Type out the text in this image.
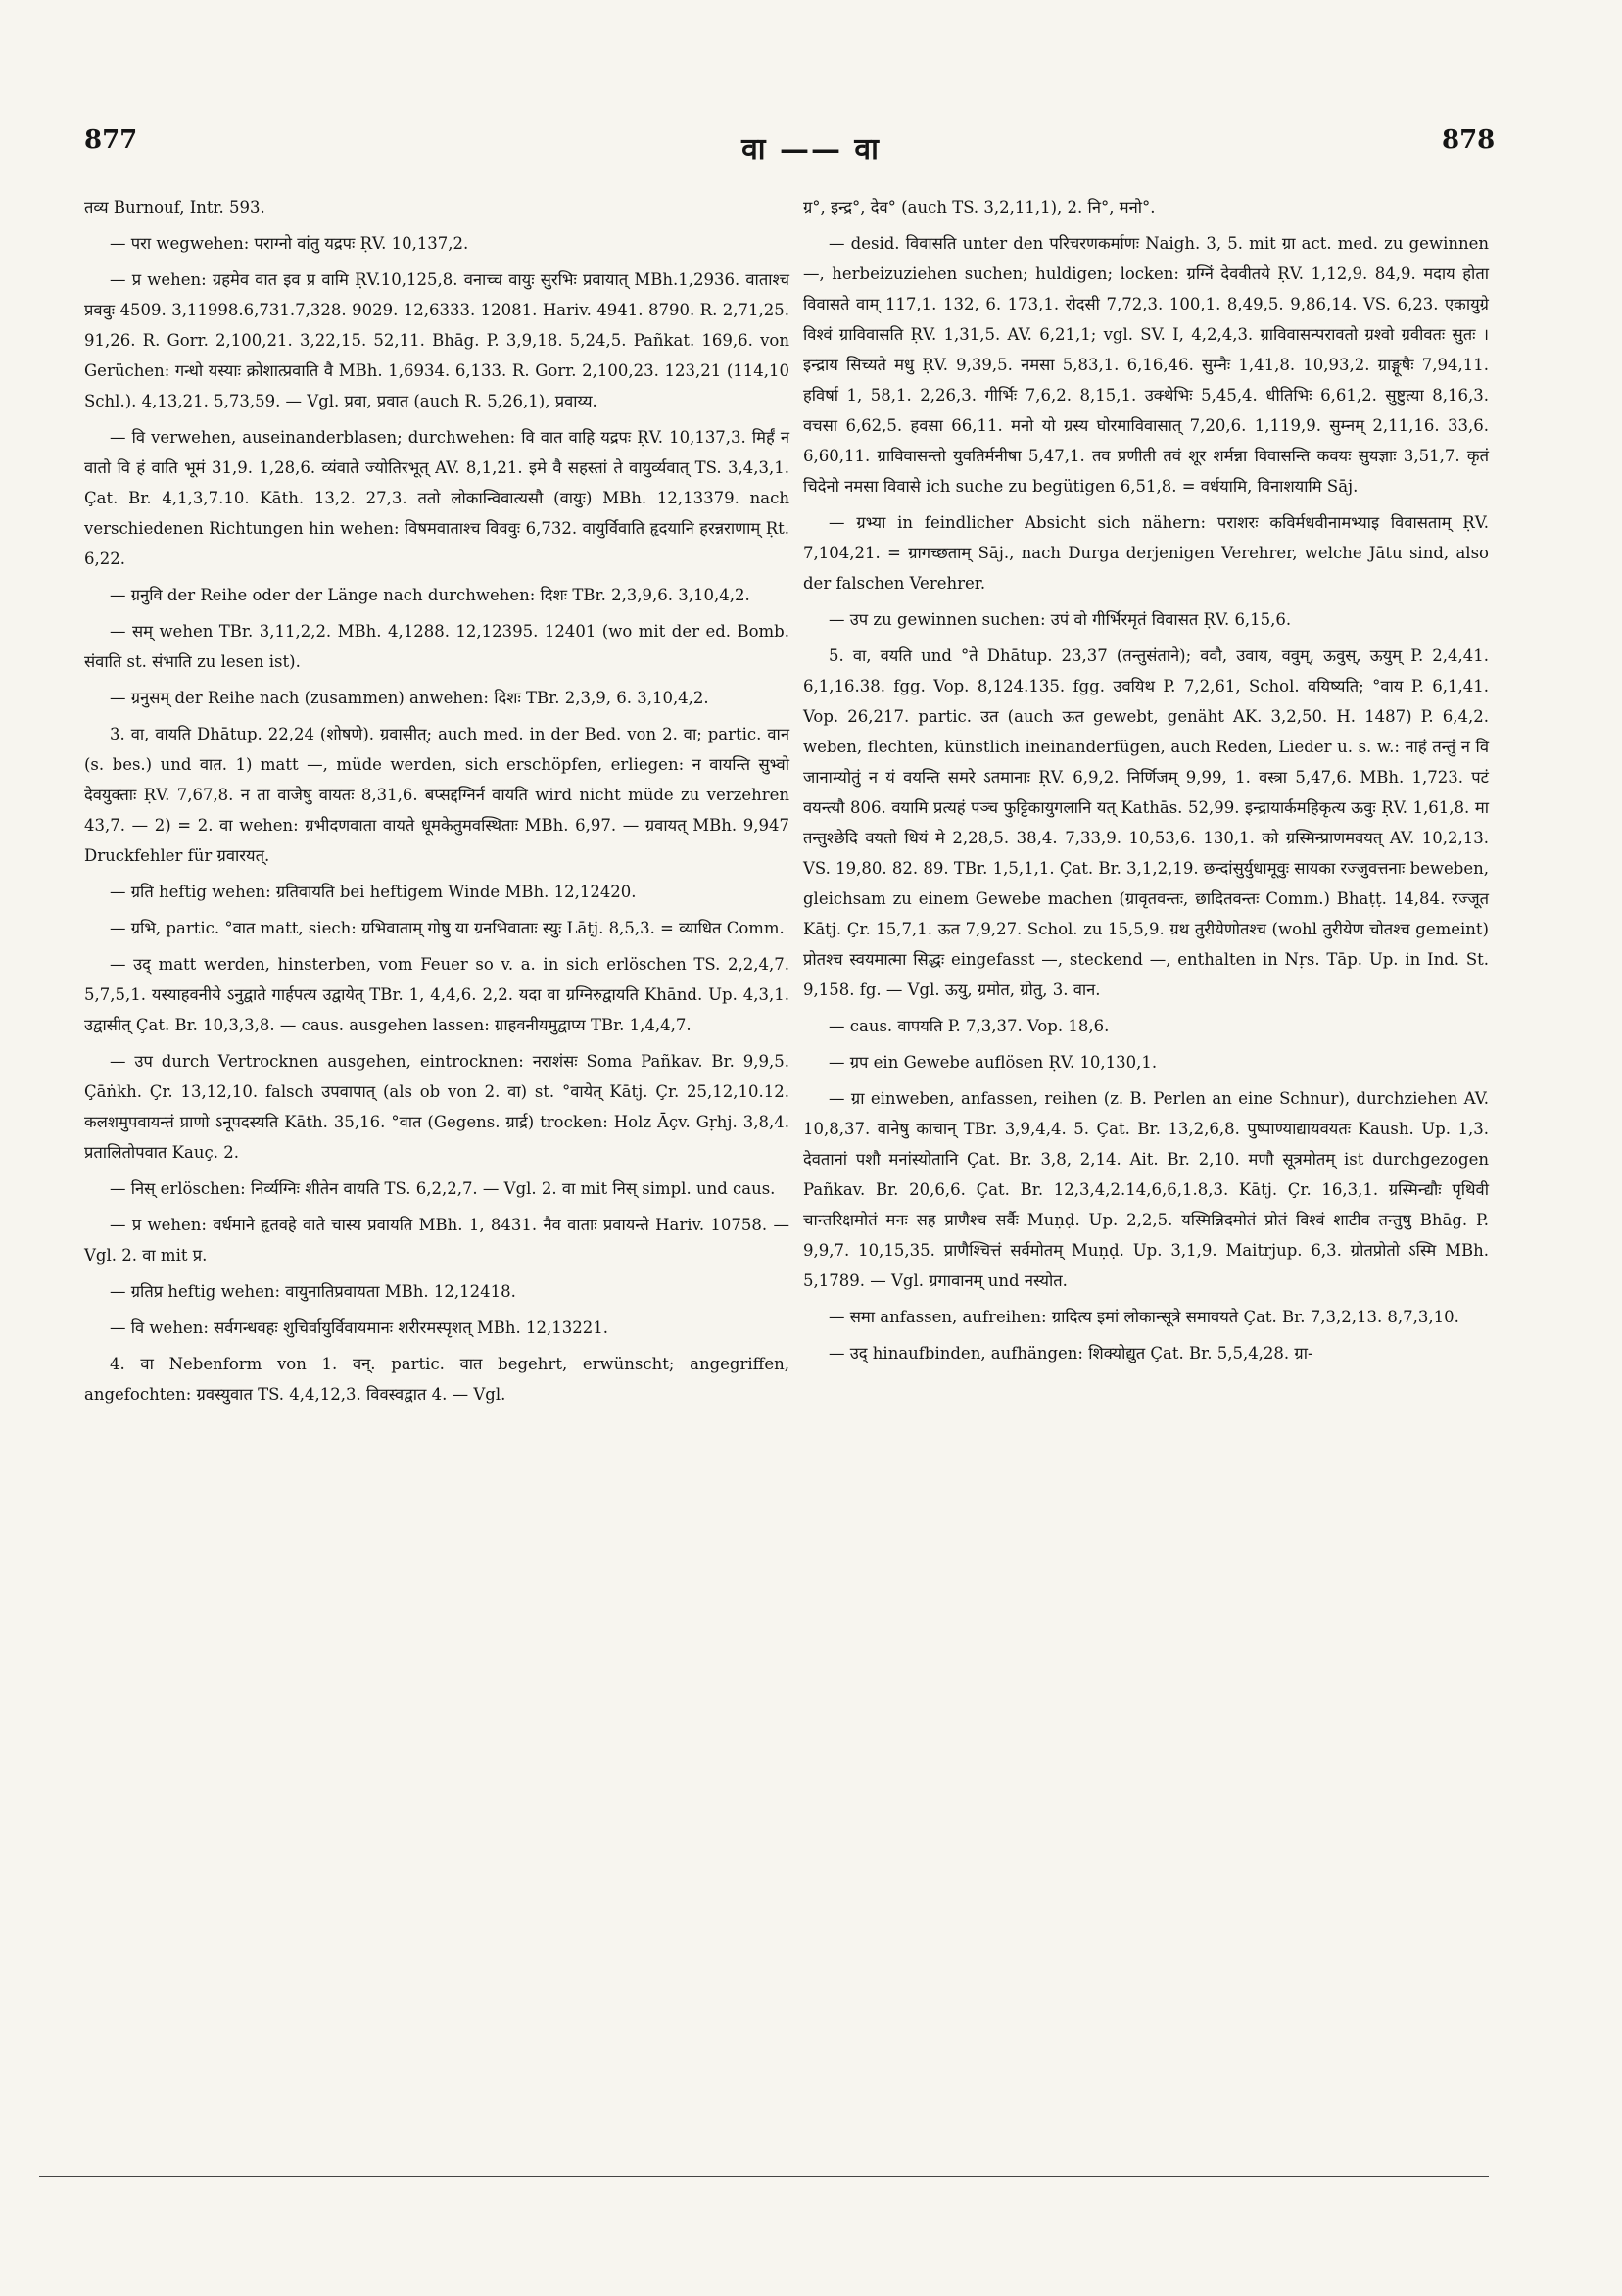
877	वा —— वा	878

तव्य Burnouf, Intr. 593.

— परा wegwehen: पराग्नो वांतु यद्रपः ṚV. 10,137,2.

— प्र wehen: ग्रहमेव वात इव प्र वामि ṚV.10,125,8. वनाच्च वायुः सुरभिः प्रवायात् MBh.1,2936. वाताश्च प्रववुः 4509. 3,11998.6,731.7,328. 9029. 12,6333. 12081. Hariv. 4941. 8790. R. 2,71,25. 91,26. R. Gorr. 2,100,21. 3,22,15. 52,11. Bhāg. P. 3,9,18. 5,24,5. Pañkat. 169,6. von Gerüchen: गन्धो यस्याः क्रोशात्प्रवाति वै MBh. 1,6934. 6,133. R. Gorr. 2,100,23. 123,21 (114,10 Schl.). 4,13,21. 5,73,59. — Vgl. प्रवा, प्रवात (auch R. 5,26,1), प्रवाय्य.

— वि verwehen, auseinanderblasen; durchwehen: वि वात वाहि यद्रपः ṚV. 10,137,3. मिर्हं न वातो वि हं वाति भूमं 31,9. 1,28,6. व्यंवाते ज्योतिरभूत् AV. 8,1,21. इमे वै सहस्तां ते वायुर्व्यवात् TS. 3,4,3,1. Çat. Br. 4,1,3,7.10. Kāth. 13,2. 27,3. ततो लोकान्विवात्यसौ (वायुः) MBh. 12,13379. nach verschiedenen Richtungen hin wehen: विषमवाताश्च विववुः 6,732. वायुर्विवाति हृदयानि हरन्नराणाम् Ṛt. 6,22.

— ग्रनुवि der Reihe oder der Länge nach durchwehen: दिशः TBr. 2,3,9,6. 3,10,4,2.

— सम् wehen TBr. 3,11,2,2. MBh. 4,1288. 12,12395. 12401 (wo mit der ed. Bomb. संवाति st. संभाति zu lesen ist).

— ग्रनुसम् der Reihe nach (zusammen) anwehen: दिशः TBr. 2,3,9, 6. 3,10,4,2.

3. वा, वायति Dhātup. 22,24 (शोषणे). ग्रवासीत्; auch med. in der Bed. von 2. वा; partic. वान (s. bes.) und वात. 1) matt —, müde werden, sich erschöpfen, erliegen: न वायन्ति सुभ्वो देवयुक्ताः ṚV. 7,67,8. न ता वाजेषु वायतः 8,31,6. बप्सद्दग्निर्न वायति wird nicht müde zu verzehren 43,7. — 2) = 2. वा wehen: ग्रभीदणवाता वायते धूमकेतुमवस्थिताः MBh. 6,97. — ग्रवायत् MBh. 9,947 Druckfehler für ग्रवारयत्.

— ग्रति heftig wehen: ग्रतिवायति bei heftigem Winde MBh. 12,12420.

— ग्रभि, partic. °वात matt, siech: ग्रभिवाताम् गोषु या ग्रनभिवाताः स्युः Lāṭj. 8,5,3. = व्याधित Comm.

— उद् matt werden, hinsterben, vom Feuer so v. a. in sich erlöschen TS. 2,2,4,7. 5,7,5,1. यस्याहवनीये ऽनुद्वाते गार्हपत्य उद्वायेत् TBr. 1, 4,4,6. 2,2. यदा वा ग्रग्निरुद्वायति Khānd. Up. 4,3,1. उद्वासीत् Çat. Br. 10,3,3,8. — caus. ausgehen lassen: ग्राहवनीयमुद्वाप्य TBr. 1,4,4,7.

— उप durch Vertrocknen ausgehen, eintrocknen: नराशंसः Soma Pañkav. Br. 9,9,5. Çāṅkh. Çr. 13,12,10. falsch उपवापात् (als ob von 2. वा) st. °वायेत् Kātj. Çr. 25,12,10.12. कलशमुपवायन्तं प्राणो ऽनूपदस्यति Kāth. 35,16. °वात (Gegens. ग्रार्द्र) trocken: Holz Āçv. Gṛhj. 3,8,4. प्रतालितोपवात Kauç. 2.

— निस् erlöschen: निर्व्यग्निः शीतेन वायति TS. 6,2,2,7. — Vgl. 2. वा mit निस् simpl. und caus.

— प्र wehen: वर्धमाने हृतवहे वाते चास्य प्रवायति MBh. 1, 8431. नैव वाताः प्रवायन्ते Hariv. 10758. — Vgl. 2. वा mit प्र.

— ग्रतिप्र heftig wehen: वायुनातिप्रवायता MBh. 12,12418.

— वि wehen: सर्वगन्धवहः शुचिर्वायुर्विवायमानः शरीरमस्पृशत् MBh. 12,13221.

4. वा Nebenform von 1. वन्. partic. वात begehrt, erwünscht; angegriffen, angefochten: ग्रवस्युवात TS. 4,4,12,3. विवस्वद्वात 4. — Vgl.

ग्र°, इन्द्र°, देव° (auch TS. 3,2,11,1), 2. नि°, मनो°.

— desid. विवासति unter den परिचरणकर्माणः Naigh. 3, 5. mit ग्रा act. med. zu gewinnen —, herbeizuziehen suchen; huldigen; locken: ग्रग्निं देववीतये ṚV. 1,12,9. 84,9. मदाय होता विवासते वाम् 117,1. 132, 6. 173,1. रोदसी 7,72,3. 100,1. 8,49,5. 9,86,14. VS. 6,23. एकायुग्रे विश्वं ग्राविवासति ṚV. 1,31,5. AV. 6,21,1; vgl. SV. I, 4,2,4,3. ग्राविवासन्परावतो ग्रश्वो ग्रवीवतः सुतः । इन्द्राय सिच्यते मधु ṚV. 9,39,5. नमसा 5,83,1. 6,16,46. सुम्नैः 1,41,8. 10,93,2. ग्राङ्गूषैः 7,94,11. हविर्षा 1, 58,1. 2,26,3. गीर्भिः 7,6,2. 8,15,1. उक्थेभिः 5,45,4. धीतिभिः 6,61,2. सुष्टुत्या 8,16,3. वचसा 6,62,5. हवसा 66,11. मनो यो ग्रस्य घोरमाविवासात् 7,20,6. 1,119,9. सुम्नम् 2,11,16. 33,6. 6,60,11. ग्राविवासन्तो युवतिर्मनीषा 5,47,1. तव प्रणीती तवं शूर शर्मन्ना विवासन्ति कवयः सुयज्ञाः 3,51,7. कृतं चिदेनो नमसा विवासे ich suche zu begütigen 6,51,8. = वर्धयामि, विनाशयामि Sāj.

— ग्रभ्या in feindlicher Absicht sich nähern: पराशरः कविर्मधवीनामभ्याइ विवासताम् ṚV. 7,104,21. = ग्रागच्छताम् Sāj., nach Durga derjenigen Verehrer, welche Jātu sind, also der falschen Verehrer.

— उप zu gewinnen suchen: उपं वो गीर्भिरमृतं विवासत ṚV. 6,15,6.

5. वा, वयति und °ते Dhātup. 23,37 (तन्तुसंताने); ववौ, उवाय, ववुम्, ऊवुस्, ऊयुम् P. 2,4,41. 6,1,16.38. fgg. Vop. 8,124.135. fgg. उवयिथ P. 7,2,61, Schol. वयिष्यति; °वाय P. 6,1,41. Vop. 26,217. partic. उत (auch ऊत gewebt, genäht AK. 3,2,50. H. 1487) P. 6,4,2. weben, flechten, künstlich ineinanderfügen, auch Reden, Lieder u. s. w.: नाहं तन्तुं न वि जानाम्योतुं न यं वयन्ति समरे ऽतमानाः ṚV. 6,9,2. निर्णिजम् 9,99, 1. वस्त्रा 5,47,6. MBh. 1,723. पटं वयन्त्यौ 806. वयामि प्रत्यहं पञ्च फुट्टिकायुगलानि यत् Kathās. 52,99. इन्द्रायार्कमहिकृत्य ऊवुः ṚV. 1,61,8. मा तन्तुश्छेदि वयतो धियं मे 2,28,5. 38,4. 7,33,9. 10,53,6. 130,1. को ग्रस्मिन्प्राणमवयत् AV. 10,2,13. VS. 19,80. 82. 89. TBr. 1,5,1,1. Çat. Br. 3,1,2,19. छन्दांसुर्युधामूवुः सायका रज्जुवत्तनाः beweben, gleichsam zu einem Gewebe machen (ग्रावृतवन्तः, छादितवन्तः Comm.) Bhaṭṭ. 14,84. रज्जूत Kātj. Çr. 15,7,1. ऊत 7,9,27. Schol. zu 15,5,9. ग्रथ तुरीयेणोतश्च (wohl तुरीयेण चोतश्च gemeint) प्रोतश्च स्वयमात्मा सिद्धः eingefasst —, steckend —, enthalten in Nṛs. Tāp. Up. in Ind. St. 9,158. fg. — Vgl. ऊयु, ग्रमोत, ग्रोतु, 3. वान.

— caus. वापयति P. 7,3,37. Vop. 18,6.

— ग्रप ein Gewebe auflösen ṚV. 10,130,1.

— ग्रा einweben, anfassen, reihen (z. B. Perlen an eine Schnur), durchziehen AV. 10,8,37. वानेषु काचान् TBr. 3,9,4,4. 5. Çat. Br. 13,2,6,8. पुष्पाण्याद्यायवयतः Kaush. Up. 1,3. देवतानां पशौ मनांस्योतानि Çat. Br. 3,8, 2,14. Ait. Br. 2,10. मणौ सूत्रमोतम् ist durchgezogen Pañkav. Br. 20,6,6. Çat. Br. 12,3,4,2.14,6,6,1.8,3. Kātj. Çr. 16,3,1. ग्रस्मिन्द्यौः पृथिवी चान्तरिक्षमोतं मनः सह प्राणैश्च सर्वैः Muṇḍ. Up. 2,2,5. यस्मिन्निदमोतं प्रोतं विश्वं शाटीव तन्तुषु Bhāg. P. 9,9,7. 10,15,35. प्राणैश्चित्तं सर्वमोतम् Muṇḍ. Up. 3,1,9. Maitrjup. 6,3. ग्रोतप्रोतो ऽस्मि MBh. 5,1789. — Vgl. ग्रगावानम् und नस्योत.

— समा anfassen, aufreihen: ग्रादित्य इमां लोकान्सूत्रे समावयते Çat. Br. 7,3,2,13. 8,7,3,10.

— उद् hinaufbinden, aufhängen: शिक्योद्युत Çat. Br. 5,5,4,28. ग्रा-
